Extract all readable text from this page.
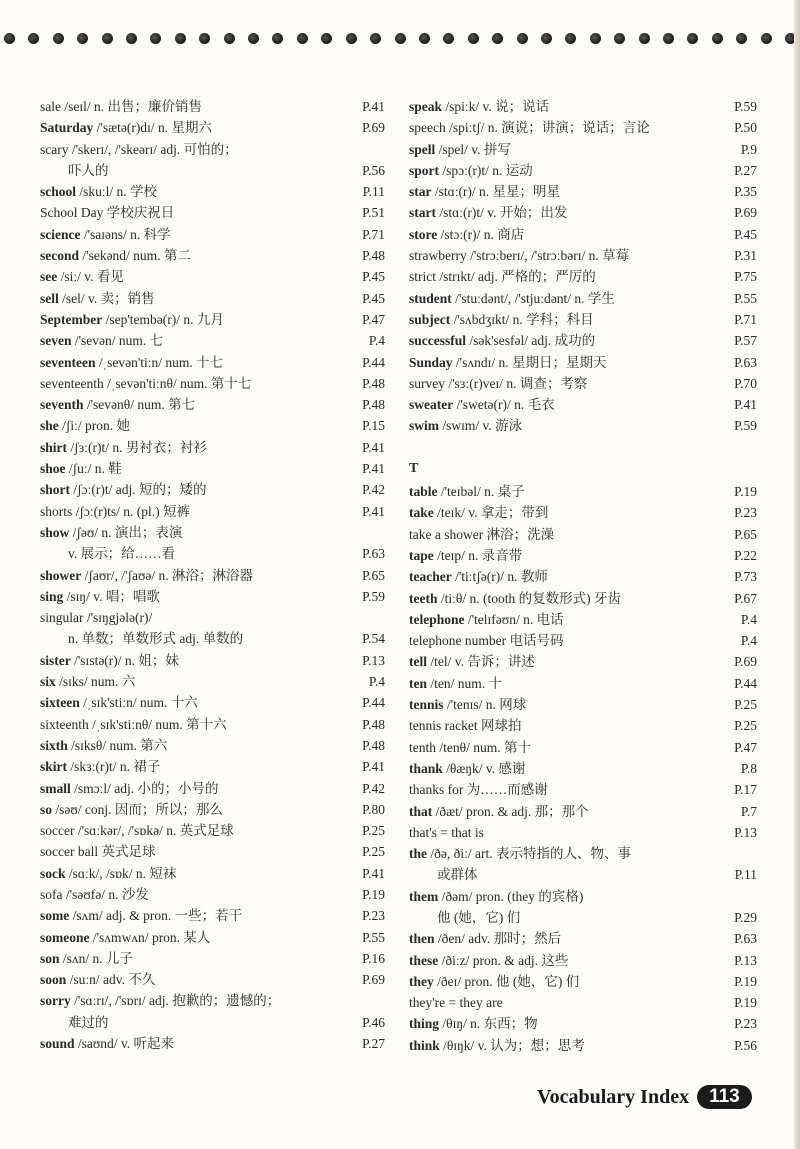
sale /seɪl/ n. 出售；廉价销售	P.41
Saturday /'sætə(r)dɪ/ n. 星期六	P.69
scary /'skerɪ/, /'skeərɪ/ adj. 可怕的；
吓人的	P.56
school /skuːl/ n. 学校	P.11
School Day 学校庆祝日	P.51
science /'saɪəns/ n. 科学	P.71
second /'sekənd/ num. 第二	P.48
see /siː/ v. 看见	P.45
sell /sel/ v. 卖；销售	P.45
September /sep'tembə(r)/ n. 九月	P.47
seven /'sevən/ num. 七	P.4
seventeen /ˌsevən'tiːn/ num. 十七	P.44
seventeenth /ˌsevən'tiːnθ/ num. 第十七	P.48
seventh /'sevənθ/ num. 第七	P.48
she /ʃiː/ pron. 她	P.15
shirt /ʃɜː(r)t/ n. 男衬衣；衬衫	P.41
shoe /ʃuː/ n. 鞋	P.41
short /ʃɔː(r)t/ adj. 短的；矮的	P.42
shorts /ʃɔː(r)ts/ n. (pl.) 短裤	P.41
show /ʃəʊ/ n. 演出；表演
v. 展示；给……看	P.63
shower /ʃaʊr/, /'ʃaʊə/ n. 淋浴；淋浴器	P.65
sing /sɪŋ/ v. 唱；唱歌	P.59
singular /'sɪŋgjələ(r)/
n. 单数；单数形式 adj. 单数的	P.54
sister /'sɪstə(r)/ n. 姐；妹	P.13
six /sɪks/ num. 六	P.4
sixteen /ˌsɪk'stiːn/ num. 十六	P.44
sixteenth /ˌsɪk'stiːnθ/ num. 第十六	P.48
sixth /sɪksθ/ num. 第六	P.48
skirt /skɜː(r)t/ n. 裙子	P.41
small /smɔːl/ adj. 小的；小号的	P.42
so /səʊ/ conj. 因而；所以；那么	P.80
soccer /'sɑːkər/, /'sɒkə/ n. 英式足球	P.25
soccer ball 英式足球	P.25
sock /sɑːk/, /sɒk/ n. 短袜	P.41
sofa /'səʊfə/ n. 沙发	P.19
some /sʌm/ adj. & pron. 一些；若干	P.23
someone /'sʌmwʌn/ pron. 某人	P.55
son /sʌn/ n. 儿子	P.16
soon /suːn/ adv. 不久	P.69
sorry /'sɑːrɪ/, /'sɒrɪ/ adj. 抱歉的；遗憾的；
难过的	P.46
sound /saʊnd/ v. 听起来	P.27
speak /spiːk/ v. 说；说话	P.59
speech /spiːtʃ/ n. 演说；讲演；说话；言论	P.50
spell /spel/ v. 拼写	P.9
sport /spɔː(r)t/ n. 运动	P.27
star /stɑː(r)/ n. 星星；明星	P.35
start /stɑː(r)t/ v. 开始；出发	P.69
store /stɔː(r)/ n. 商店	P.45
strawberry /'strɔːberɪ/, /'strɔːbərɪ/ n. 草莓	P.31
strict /strɪkt/ adj. 严格的；严厉的	P.75
student /'stuːdənt/, /'stjuːdənt/ n. 学生	P.55
subject /'sʌbdʒɪkt/ n. 学科；科目	P.71
successful /sək'sesfəl/ adj. 成功的	P.57
Sunday /'sʌndɪ/ n. 星期日；星期天	P.63
survey /'sɜː(r)veɪ/ n. 调查；考察	P.70
sweater /'swetə(r)/ n. 毛衣	P.41
swim /swɪm/ v. 游泳	P.59
T
table /'teɪbəl/ n. 桌子	P.19
take /teɪk/ v. 拿走；带到	P.23
take a shower 淋浴；洗澡	P.65
tape /teɪp/ n. 录音带	P.22
teacher /'tiːtʃə(r)/ n. 教师	P.73
teeth /tiːθ/ n. (tooth 的复数形式) 牙齿	P.67
telephone /'telɪfəʊn/ n. 电话	P.4
telephone number 电话号码	P.4
tell /tel/ v. 告诉；讲述	P.69
ten /ten/ num. 十	P.44
tennis /'tenɪs/ n. 网球	P.25
tennis racket 网球拍	P.25
tenth /tenθ/ num. 第十	P.47
thank /θæŋk/ v. 感谢	P.8
thanks for 为……而感谢	P.17
that /ðæt/ pron. & adj. 那；那个	P.7
that's = that is	P.13
the /ðə, ðiː/ art. 表示特指的人、物、事
或群体	P.11
them /ðəm/ pron. (they 的宾格)
他 (她，它) 们	P.29
then /ðen/ adv. 那时；然后	P.63
these /ðiːz/ pron. & adj. 这些	P.13
they /ðeɪ/ pron. 他 (她，它) 们	P.19
they're = they are	P.19
thing /θɪŋ/ n. 东西；物	P.23
think /θɪŋk/ v. 认为；想；思考	P.56
Vocabulary Index	113
